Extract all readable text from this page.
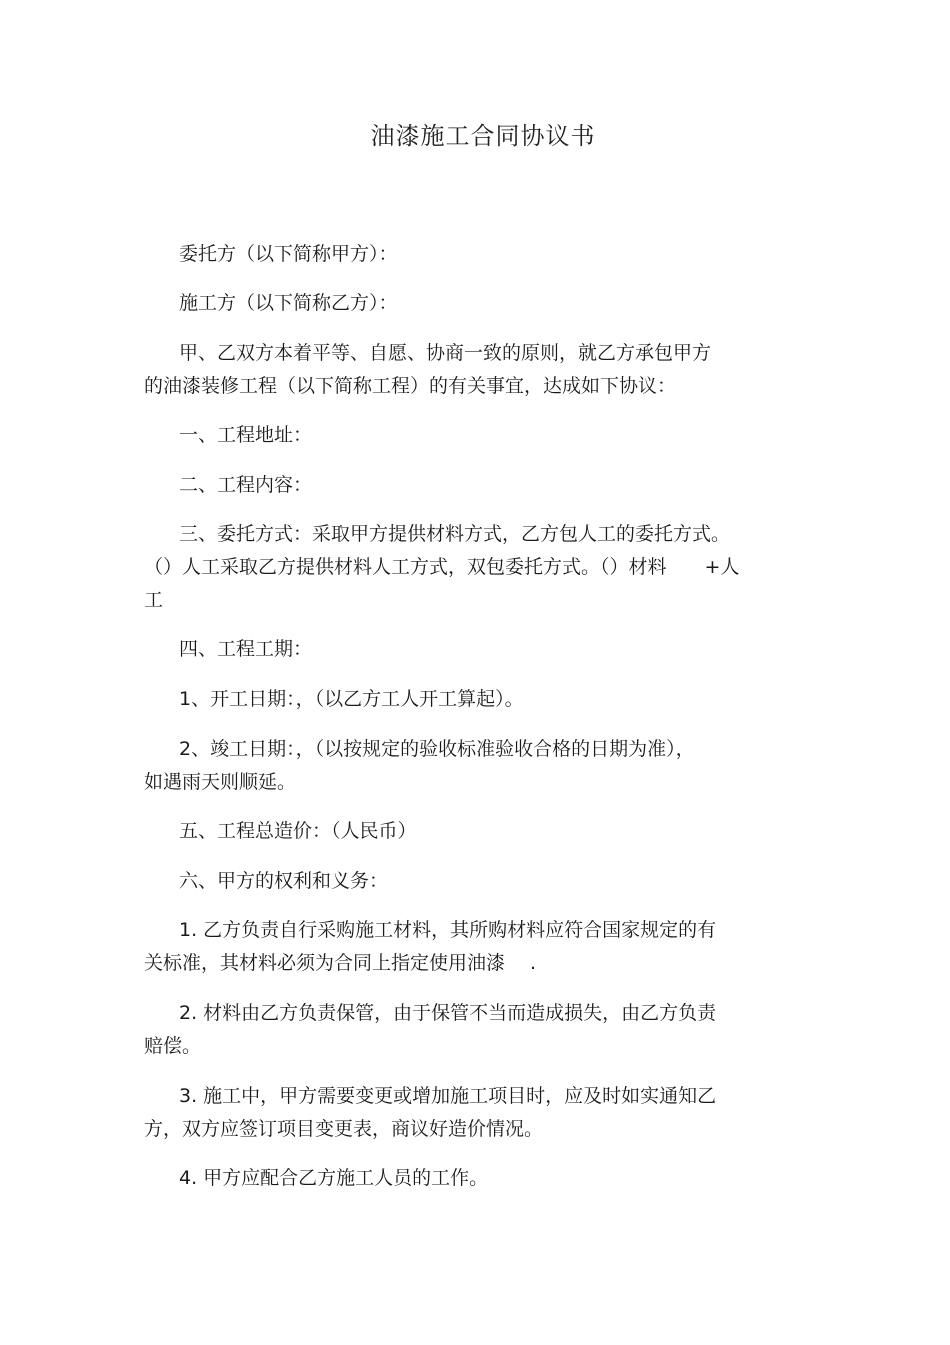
油漆施工合同协议书

委托方（以下简称甲方）：

施工方（以下简称乙方）：

甲、乙双方本着平等、自愿、协商一致的原则，就乙方承包甲方
的油漆装修工程（以下简称工程）的有关事宜，达成如下协议：

一、工程地址：

二、工程内容：

三、委托方式：采取甲方提供材料方式，乙方包人工的委托方式。
（）人工采取乙方提供材料人工方式，双包委托方式。（）材料　　+人
工

四、工程工期：

1、开工日期：，（以乙方工人开工算起）。

2、竣工日期：，（以按规定的验收标准验收合格的日期为准），
如遇雨天则顺延。

五、工程总造价：（人民币）

六、甲方的权利和义务：

1. 乙方负责自行采购施工材料，其所购材料应符合国家规定的有
关标准，其材料必须为合同上指定使用油漆　 .

2. 材料由乙方负责保管，由于保管不当而造成损失，由乙方负责
赔偿。

3. 施工中，甲方需要变更或增加施工项目时，应及时如实通知乙
方，双方应签订项目变更表，商议好造价情况。

4. 甲方应配合乙方施工人员的工作。
